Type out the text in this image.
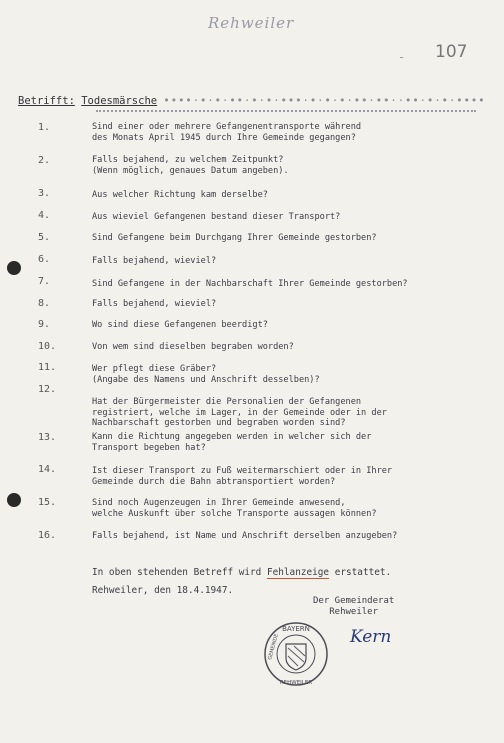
Rehweiler
- 107
Betrifft: Todesmärsche ••••·•·•·••·•·•·•••·•·•·•·••·••··••·•·•·••••
1.	Sind einer oder mehrere Gefangenentransporte während
des Monats April 1945 durch Ihre Gemeinde gegangen?
2.	Falls bejahend, zu welchem Zeitpunkt?
(Wenn möglich, genaues Datum angeben).
3.	Aus welcher Richtung kam derselbe?
4.	Aus wieviel Gefangenen bestand dieser Transport?
5.	Sind Gefangene beim Durchgang Ihrer Gemeinde gestorben?
6.	Falls bejahend, wieviel?
7.	Sind Gefangene in der Nachbarschaft Ihrer Gemeinde gestorben?
8.	Falls bejahend, wieviel?
9.	Wo sind diese Gefangenen beerdigt?
10.	Von wem sind dieselben begraben worden?
11.	Wer pflegt diese Gräber?
(Angabe des Namens und Anschrift desselben)?
12.
Hat der Bürgermeister die Personalien der Gefangenen
registriert, welche im Lager, in der Gemeinde oder in der
Nachbarschaft gestorben und begraben worden sind?
13.	Kann die Richtung angegeben werden in welcher sich der
Transport begeben hat?
14.	Ist dieser Transport zu Fuß weitermarschiert oder in Ihrer
Gemeinde durch die Bahn abtransportiert worden?
15.	Sind noch Augenzeugen in Ihrer Gemeinde anwesend,
welche Auskunft über solche Transporte aussagen können?
16.	Falls bejahend, ist Name und Anschrift derselben anzugeben?
In oben stehenden Betreff wird Fehlanzeige erstattet.
Rehweiler, den 18.4.1947.
Der Gemeinderat
Rehweiler
BAYERN
GEMEINDE
REHWEILER
Kern
